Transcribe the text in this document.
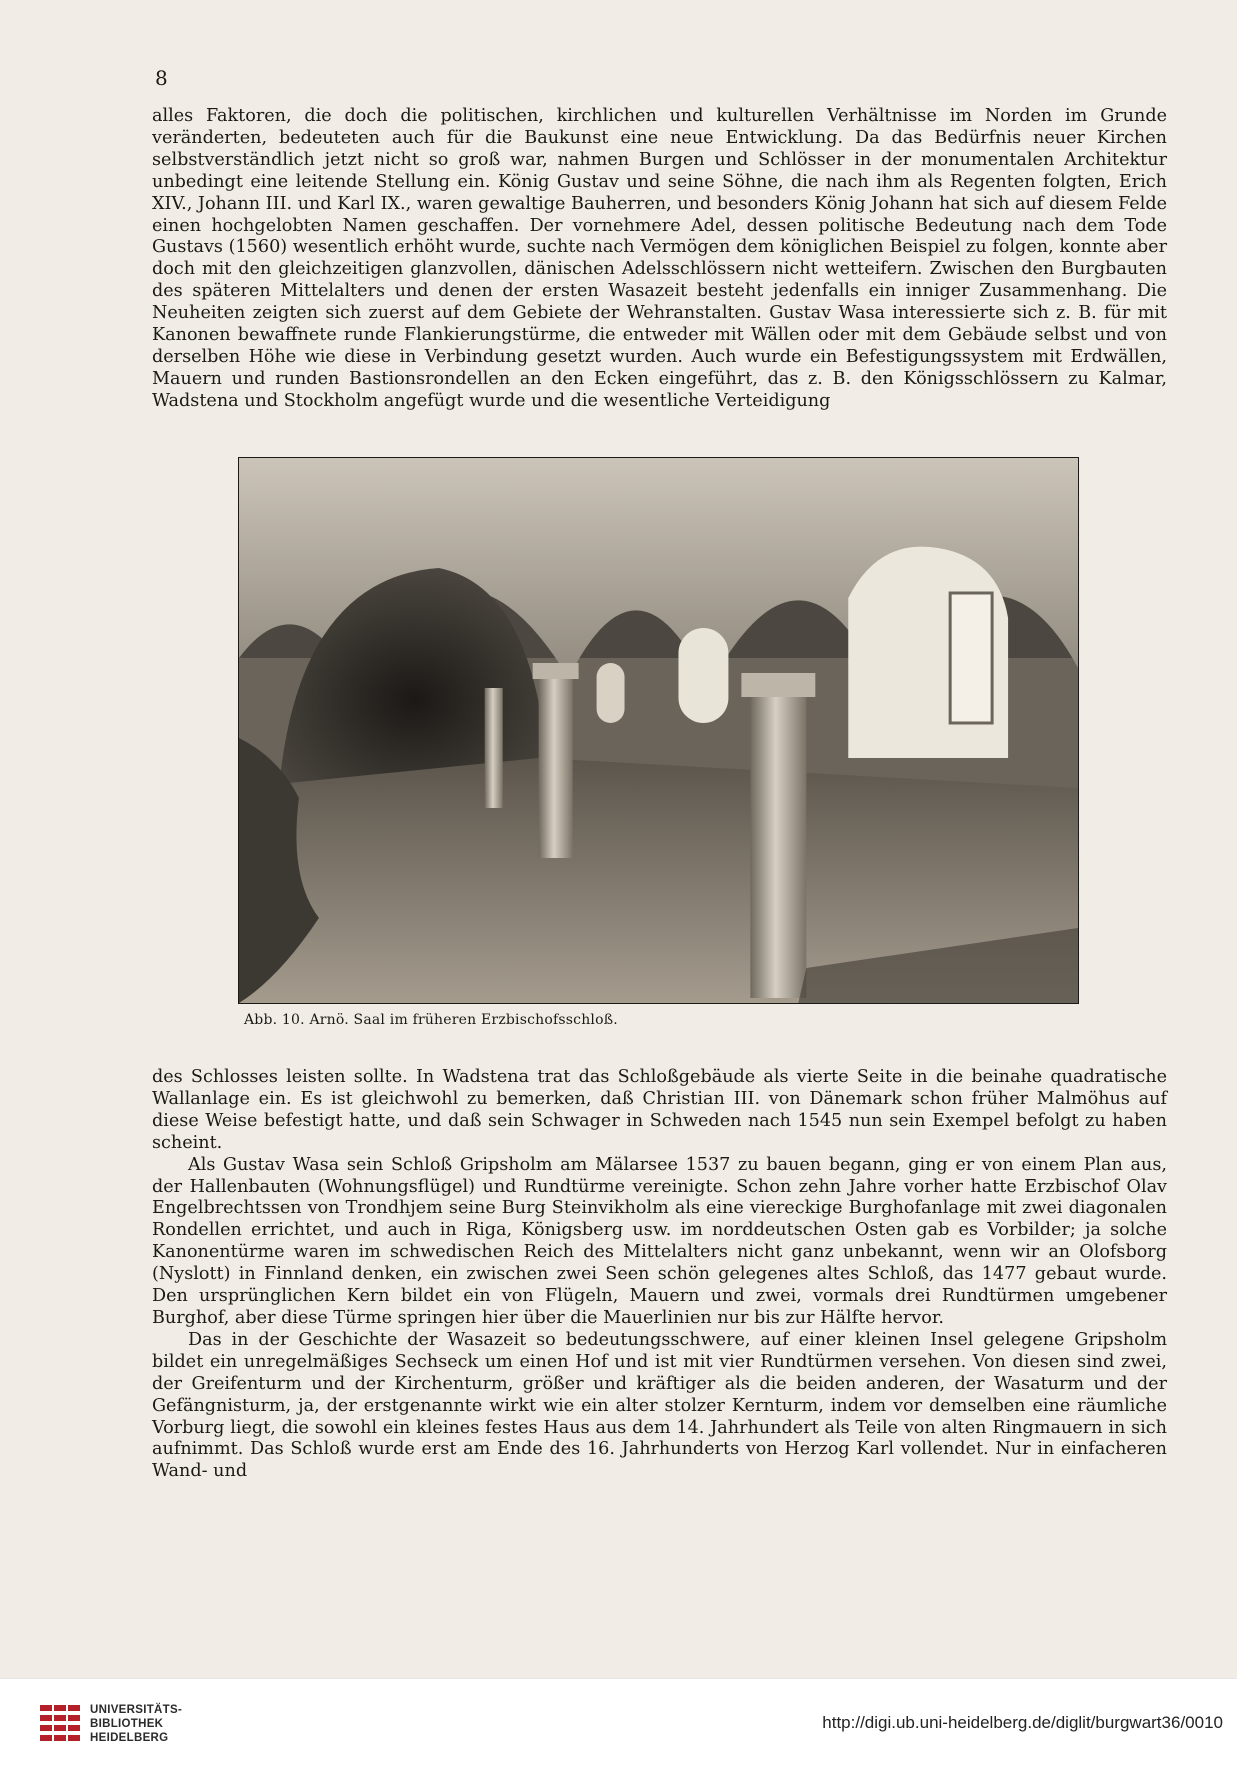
8

alles Faktoren, die doch die politischen, kirchlichen und kulturellen Verhältnisse im Norden im Grunde veränderten, bedeuteten auch für die Baukunst eine neue Entwicklung. Da das Bedürfnis neuer Kirchen selbstverständlich jetzt nicht so groß war, nahmen Burgen und Schlösser in der monumentalen Architektur unbedingt eine leitende Stellung ein. König Gustav und seine Söhne, die nach ihm als Regenten folgten, Erich XIV., Johann III. und Karl IX., waren gewaltige Bauherren, und besonders König Johann hat sich auf diesem Felde einen hochgelobten Namen geschaffen. Der vornehmere Adel, dessen politische Bedeutung nach dem Tode Gustavs (1560) wesentlich erhöht wurde, suchte nach Vermögen dem königlichen Beispiel zu folgen, konnte aber doch mit den gleichzeitigen glanzvollen, dänischen Adelsschlössern nicht wetteifern. Zwischen den Burgbauten des späteren Mittelalters und denen der ersten Wasazeit besteht jedenfalls ein inniger Zusammenhang. Die Neuheiten zeigten sich zuerst auf dem Gebiete der Wehranstalten. Gustav Wasa interessierte sich z. B. für mit Kanonen bewaffnete runde Flankierungstürme, die entweder mit Wällen oder mit dem Gebäude selbst und von derselben Höhe wie diese in Verbindung gesetzt wurden. Auch wurde ein Befestigungssystem mit Erdwällen, Mauern und runden Bastionsrondellen an den Ecken eingeführt, das z. B. den Königsschlössern zu Kalmar, Wadstena und Stockholm angefügt wurde und die wesentliche Verteidigung

Abb. 10. Arnö. Saal im früheren Erzbischofsschloß.

des Schlosses leisten sollte. In Wadstena trat das Schloßgebäude als vierte Seite in die beinahe quadratische Wallanlage ein. Es ist gleichwohl zu bemerken, daß Christian III. von Dänemark schon früher Malmöhus auf diese Weise befestigt hatte, und daß sein Schwager in Schweden nach 1545 nun sein Exempel befolgt zu haben scheint.

Als Gustav Wasa sein Schloß Gripsholm am Mälarsee 1537 zu bauen begann, ging er von einem Plan aus, der Hallenbauten (Wohnungsflügel) und Rundtürme vereinigte. Schon zehn Jahre vorher hatte Erzbischof Olav Engelbrechtssen von Trondhjem seine Burg Steinvikholm als eine viereckige Burghofanlage mit zwei diagonalen Rondellen errichtet, und auch in Riga, Königsberg usw. im norddeutschen Osten gab es Vorbilder; ja solche Kanonentürme waren im schwedischen Reich des Mittelalters nicht ganz unbekannt, wenn wir an Olofsborg (Nyslott) in Finnland denken, ein zwischen zwei Seen schön gelegenes altes Schloß, das 1477 gebaut wurde. Den ursprünglichen Kern bildet ein von Flügeln, Mauern und zwei, vormals drei Rundtürmen umgebener Burghof, aber diese Türme springen hier über die Mauerlinien nur bis zur Hälfte hervor.

Das in der Geschichte der Wasazeit so bedeutungsschwere, auf einer kleinen Insel gelegene Gripsholm bildet ein unregelmäßiges Sechseck um einen Hof und ist mit vier Rundtürmen versehen. Von diesen sind zwei, der Greifenturm und der Kirchenturm, größer und kräftiger als die beiden anderen, der Wasaturm und der Gefängnisturm, ja, der erstgenannte wirkt wie ein alter stolzer Kernturm, indem vor demselben eine räumliche Vorburg liegt, die sowohl ein kleines festes Haus aus dem 14. Jahrhundert als Teile von alten Ringmauern in sich aufnimmt. Das Schloß wurde erst am Ende des 16. Jahrhunderts von Herzog Karl vollendet. Nur in einfacheren Wand- und

UNIVERSITÄTS-
BIBLIOTHEK
HEIDELBERG
http://digi.ub.uni-heidelberg.de/diglit/burgwart36/0010
